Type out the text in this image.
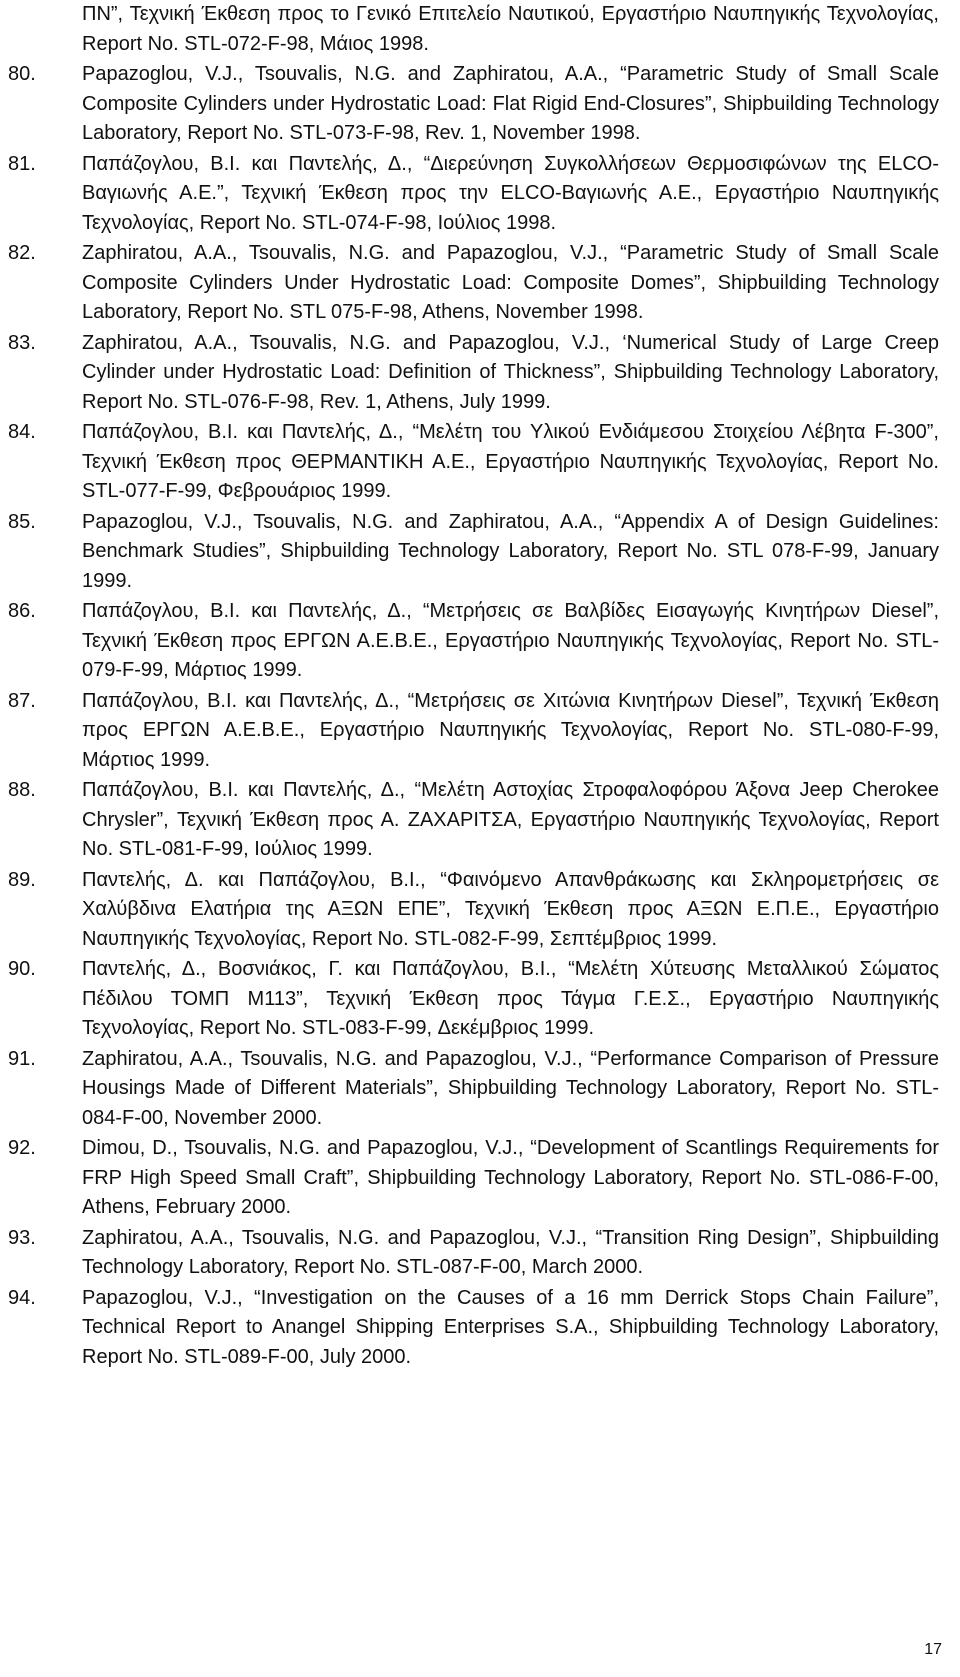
ΠΝ”, Τεχνική Έκθεση προς το Γενικό Επιτελείο Ναυτικού, Εργαστήριο Ναυπηγικής Τεχνολογίας, Report No. STL-072-F-98, Μάιος 1998.
80.	Papazoglou, V.J., Tsouvalis, N.G. and Zaphiratou, A.A., “Parametric Study of Small Scale Composite Cylinders under Hydrostatic Load: Flat Rigid End-Closures”, Shipbuilding Technology Laboratory, Report No. STL-073-F-98, Rev. 1, November 1998.
81.	Παπάζογλου, Β.Ι. και Παντελής, Δ., “Διερεύνηση Συγκολλήσεων Θερμοσιφώνων της ELCO-Βαγιωνής Α.Ε.”, Τεχνική Έκθεση προς την ELCO-Βαγιωνής Α.Ε., Εργαστήριο Ναυπηγικής Τεχνολογίας, Report No. STL-074-F-98, Ιούλιος 1998.
82.	Zaphiratou, A.A., Tsouvalis, N.G. and Papazoglou, V.J., “Parametric Study of Small Scale Composite Cylinders Under Hydrostatic Load: Composite Domes”, Shipbuilding Technology Laboratory, Report No. STL 075-F-98, Athens, November 1998.
83.	Zaphiratou, A.A., Tsouvalis, N.G. and Papazoglou, V.J., ‘Numerical Study of Large Creep Cylinder under Hydrostatic Load: Definition of Thickness”, Shipbuilding Technology Laboratory, Report No. STL-076-F-98, Rev. 1, Athens, July 1999.
84.	Παπάζογλου, Β.Ι. και Παντελής, Δ., “Μελέτη του Υλικού Ενδιάμεσου Στοιχείου Λέβητα F-300”, Τεχνική Έκθεση προς ΘΕΡΜΑΝΤΙΚΗ Α.Ε., Εργαστήριο Ναυπηγικής Τεχνολογίας, Report No. STL-077-F-99, Φεβρουάριος 1999.
85.	Papazoglou, V.J., Tsouvalis, N.G. and Zaphiratou, A.A., “Appendix A of Design Guidelines: Benchmark Studies”, Shipbuilding Technology Laboratory, Report No. STL 078-F-99, January 1999.
86.	Παπάζογλου, Β.Ι. και Παντελής, Δ., “Μετρήσεις σε Βαλβίδες Εισαγωγής Κινητήρων Diesel”, Τεχνική Έκθεση προς ΕΡΓΩΝ Α.Ε.Β.Ε., Εργαστήριο Ναυπηγικής Τεχνολογίας, Report No. STL-079-F-99, Μάρτιος 1999.
87.	Παπάζογλου, Β.Ι. και Παντελής, Δ., “Μετρήσεις σε Χιτώνια Κινητήρων Diesel”, Τεχνική Έκθεση προς ΕΡΓΩΝ Α.Ε.Β.Ε., Εργαστήριο Ναυπηγικής Τεχνολογίας, Report No. STL-080-F-99, Μάρτιος 1999.
88.	Παπάζογλου, Β.Ι. και Παντελής, Δ., “Μελέτη Αστοχίας Στροφαλοφόρου Άξονα Jeep Cherokee Chrysler”, Τεχνική Έκθεση προς Α. ΖΑΧΑΡΙΤΣΑ, Εργαστήριο Ναυπηγικής Τεχνολογίας, Report No. STL-081-F-99, Ιούλιος 1999.
89.	Παντελής, Δ. και Παπάζογλου, Β.Ι., “Φαινόμενο Απανθράκωσης και Σκληρομετρήσεις σε Χαλύβδινα Ελατήρια της ΑΞΩΝ ΕΠΕ”, Τεχνική Έκθεση προς ΑΞΩΝ Ε.Π.Ε., Εργαστήριο Ναυπηγικής Τεχνολογίας, Report No. STL-082-F-99, Σεπτέμβριος 1999.
90.	Παντελής, Δ., Βοσνιάκος, Γ. και Παπάζογλου, Β.Ι., “Μελέτη Χύτευσης Μεταλλικού Σώματος Πέδιλου ΤΟΜΠ Μ113”, Τεχνική Έκθεση προς Τάγμα Γ.Ε.Σ., Εργαστήριο Ναυπηγικής Τεχνολογίας, Report No. STL-083-F-99, Δεκέμβριος 1999.
91.	Zaphiratou, A.A., Tsouvalis, N.G. and Papazoglou, V.J., “Performance Comparison of Pressure Housings Made of Different Materials”, Shipbuilding Technology Laboratory, Report No. STL-084-F-00, November 2000.
92.	Dimou, D., Tsouvalis, N.G. and Papazoglou, V.J., “Development of Scantlings Requirements for FRP High Speed Small Craft”, Shipbuilding Technology Laboratory, Report No. STL-086-F-00, Athens, February 2000.
93.	Zaphiratou, A.A., Tsouvalis, N.G. and Papazoglou, V.J., “Transition Ring Design”, Shipbuilding Technology Laboratory, Report No. STL-087-F-00, March 2000.
94.	Papazoglou, V.J., “Investigation on the Causes of a 16 mm Derrick Stops Chain Failure”, Technical Report to Anangel Shipping Enterprises S.A., Shipbuilding Technology Laboratory, Report No. STL-089-F-00, July 2000.
17
